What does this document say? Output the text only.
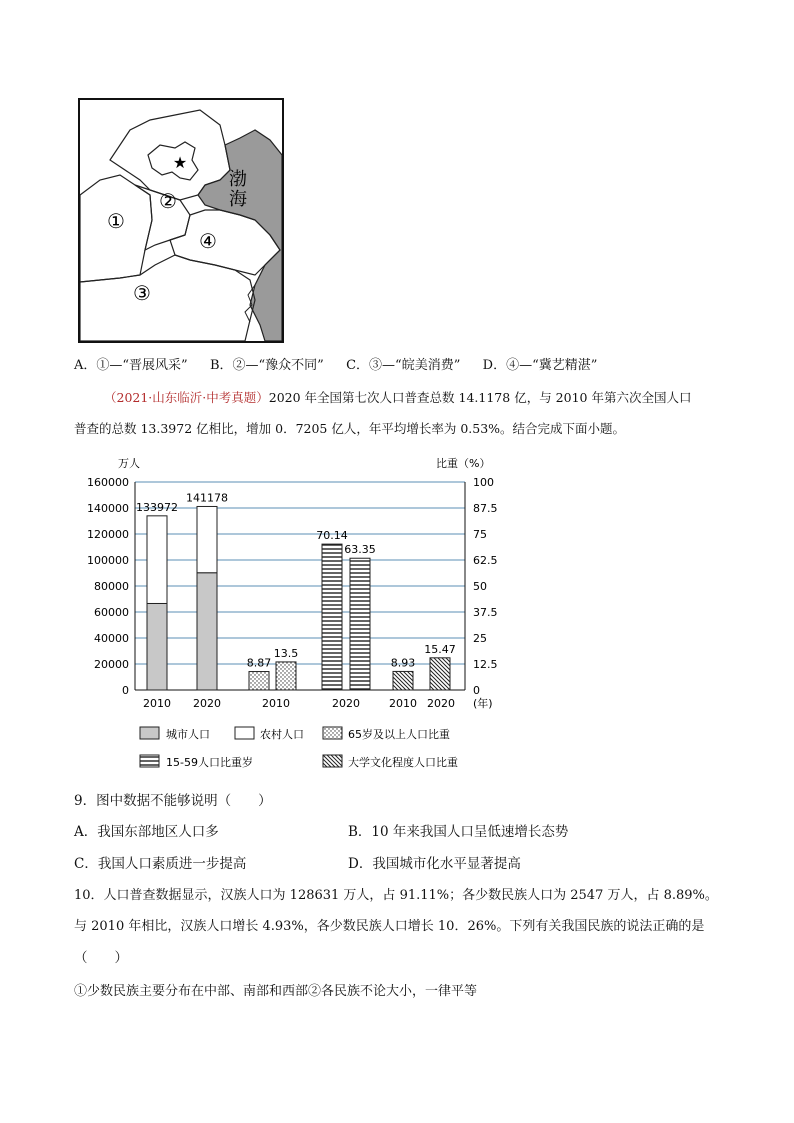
①
②
③
④
★
渤
海
A．①—“晋展风采” B．②—“豫众不同” C．③—“皖美消费” D．④—“冀艺精湛”
（2021·山东临沂·中考真题）2020 年全国第七次人口普查总数 14.1178 亿，与 2010 年第六次全国人口
普查的总数 13.3972 亿相比，增加 0．7205 亿人，年平均增长率为 0.53%。结合完成下面小题。
160000	100
140000	87.5
120000	75
100000	62.5
80000	50
60000	37.5
40000	25
20000	12.5
0	0
133972
2010
141178
2020
8.87
13.5
70.14
63.35
8.93
15.47
2010	2020	2010 2020 (年)
万人	比重（%）
城市人口	农村人口	65岁及以上人口比重
15-59人口比重岁	大学文化程度人口比重
9．图中数据不能够说明（　　）
A．我国东部地区人口多	B．10 年来我国人口呈低速增长态势
C．我国人口素质进一步提高	D．我国城市化水平显著提高
10．人口普查数据显示，汉族人口为 128631 万人，占 91.11%；各少数民族人口为 2547 万人，占 8.89%。
与 2010 年相比，汉族人口增长 4.93%，各少数民族人口增长 10．26%。下列有关我国民族的说法正确的是
（　　）
①少数民族主要分布在中部、南部和西部②各民族不论大小，一律平等
